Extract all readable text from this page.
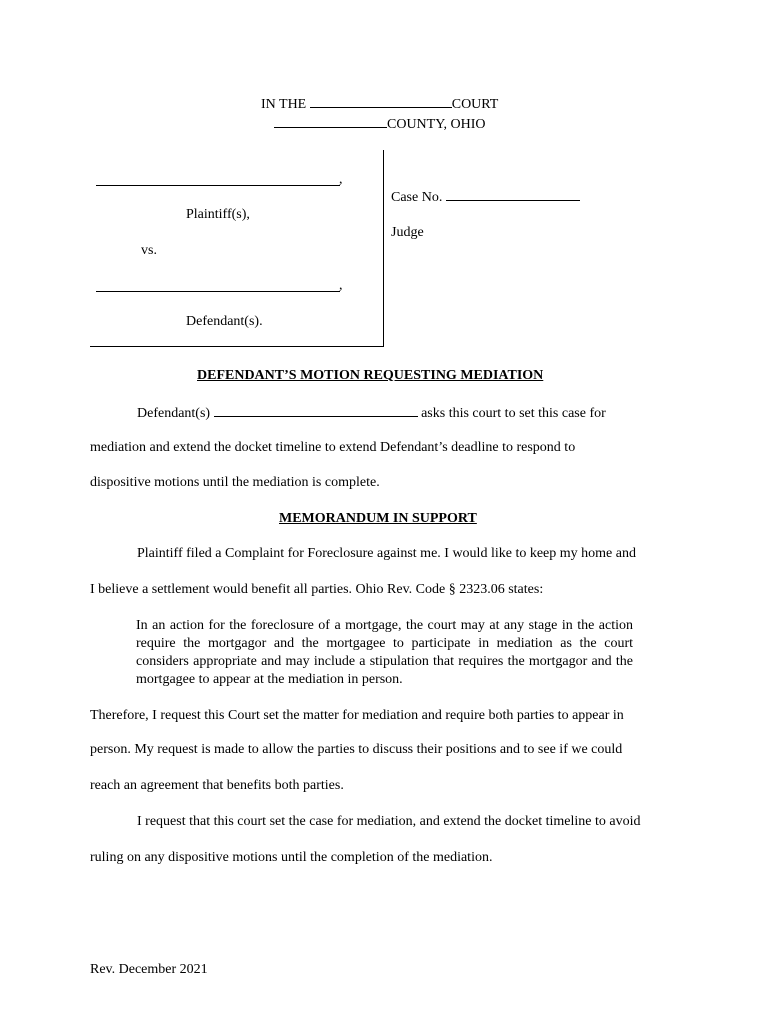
IN THE	COURT
COUNTY, OHIO
,
Plaintiff(s),
vs.
,
Defendant(s).
Case No.
Judge
DEFENDANT’S MOTION REQUESTING MEDIATION
Defendant(s)	asks this court to set this case for
mediation and extend the docket timeline to extend Defendant’s deadline to respond to
dispositive motions until the mediation is complete.
MEMORANDUM IN SUPPORT
Plaintiff filed a Complaint for Foreclosure against me. I would like to keep my home and
I believe a settlement would benefit all parties. Ohio Rev. Code § 2323.06 states:
In an action for the foreclosure of a mortgage, the court may at any stage in the action require the mortgagor and the mortgagee to participate in mediation as the court considers appropriate and may include a stipulation that requires the mortgagor and the mortgagee to appear at the mediation in person.
Therefore, I request this Court set the matter for mediation and require both parties to appear in
person. My request is made to allow the parties to discuss their positions and to see if we could
reach an agreement that benefits both parties.
I request that this court set the case for mediation, and extend the docket timeline to avoid
ruling on any dispositive motions until the completion of the mediation.
Rev. December 2021
